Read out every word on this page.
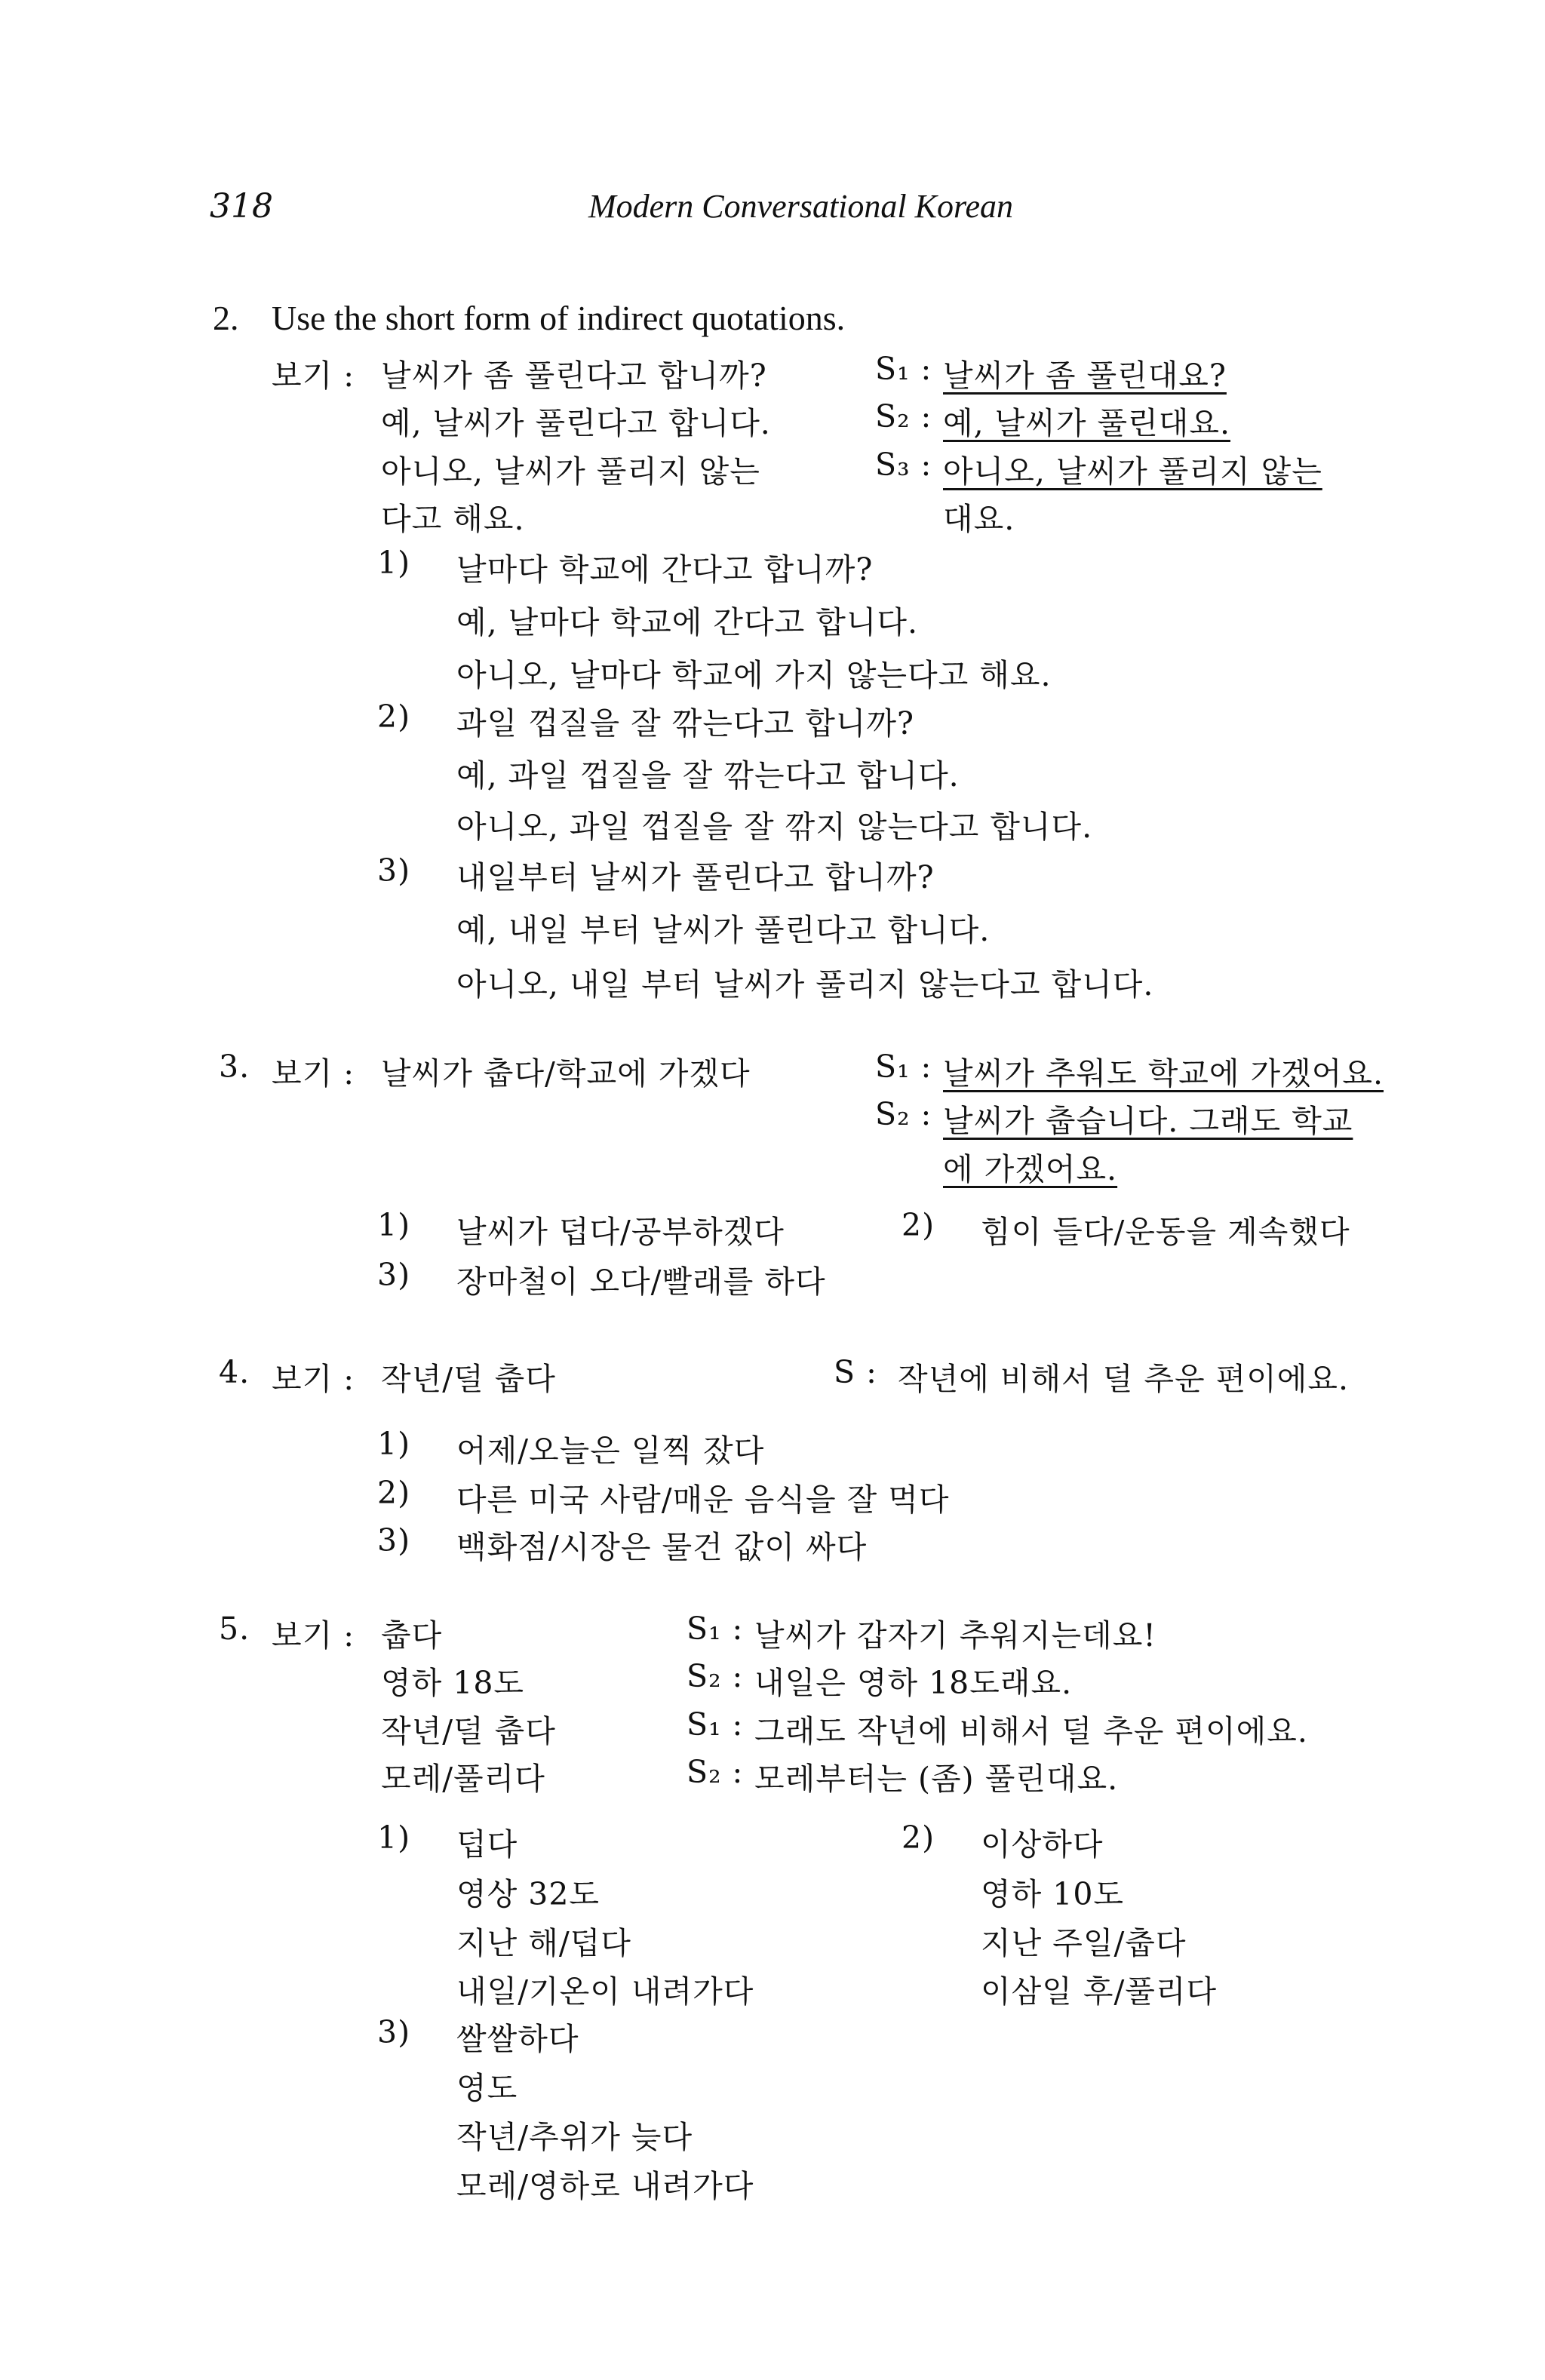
318	Modern Conversational Korean
2. Use the short form of indirect quotations.
보기 : 날씨가 좀 풀린다고 합니까?
예, 날씨가 풀린다고 합니다.
아니오, 날씨가 풀리지 않는
다고 해요.
S₁ : 날씨가 좀 풀린대요?
S₂ : 예, 날씨가 풀린대요.
S₃ : 아니오, 날씨가 풀리지 않는
대요.
1) 날마다 학교에 간다고 합니까?
예, 날마다 학교에 간다고 합니다.
아니오, 날마다 학교에 가지 않는다고 해요.
2) 과일 껍질을 잘 깎는다고 합니까?
예, 과일 껍질을 잘 깎는다고 합니다.
아니오, 과일 껍질을 잘 깎지 않는다고 합니다.
3) 내일부터 날씨가 풀린다고 합니까?
예, 내일 부터 날씨가 풀린다고 합니다.
아니오, 내일 부터 날씨가 풀리지 않는다고 합니다.
3. 보기 : 날씨가 춥다/학교에 가겠다	S₁ : 날씨가 추워도 학교에 가겠어요.
S₂ : 날씨가 춥습니다. 그래도 학교
에 가겠어요.
1) 날씨가 덥다/공부하겠다	2) 힘이 들다/운동을 계속했다
3) 장마철이 오다/빨래를 하다
4. 보기 : 작년/덜 춥다	S : 작년에 비해서 덜 추운 편이에요.
1) 어제/오늘은 일찍 잤다
2) 다른 미국 사람/매운 음식을 잘 먹다
3) 백화점/시장은 물건 값이 싸다
5. 보기 : 춥다
영하 18도
작년/덜 춥다
모레/풀리다
S₁ : 날씨가 갑자기 추워지는데요!
S₂ : 내일은 영하 18도래요.
S₁ : 그래도 작년에 비해서 덜 추운 편이에요.
S₂ : 모레부터는 (좀) 풀린대요.
1) 덥다
영상 32도
지난 해/덥다
내일/기온이 내려가다
2) 이상하다
영하 10도
지난 주일/춥다
이삼일 후/풀리다
3) 쌀쌀하다
영도
작년/추위가 늦다
모레/영하로 내려가다
